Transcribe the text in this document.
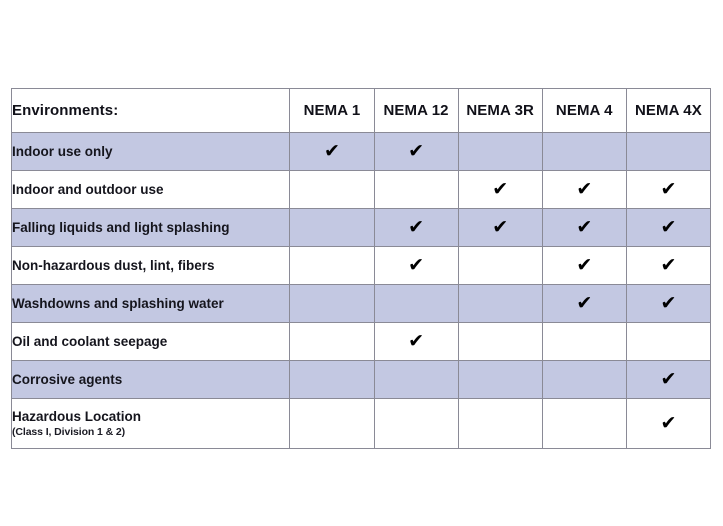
Environments:	NEMA 1	NEMA 12	NEMA 3R	NEMA 4	NEMA 4X
Indoor use only	✔	✔			
Indoor and outdoor use			✔	✔	✔
Falling liquids and light splashing		✔	✔	✔	✔
Non-hazardous dust, lint, fibers		✔		✔	✔
Washdowns and splashing water				✔	✔
Oil and coolant seepage		✔			
Corrosive agents					✔
Hazardous Location
(Class I, Division 1 & 2)					✔
